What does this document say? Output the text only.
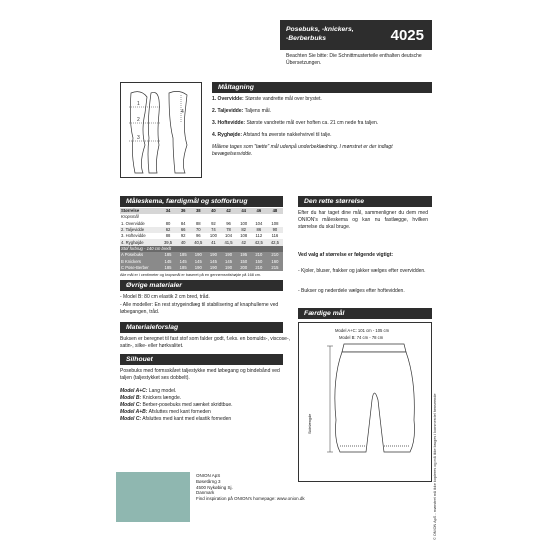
Posebuks, -knickers,
-Berberbuks	4025
Beachten Sie bitte: Die Schnittmusterteile enthalten deutsche Übersetzungen.
1
2
3
4
Måltagning
1. Overvidde: Største vandrette mål over brystet.
2. Taljevidde: Taljens mål.
3. Hoftevidde: Største vandrette mål over hoften ca. 21 cm nede fra taljen.
4. Ryghøjde: Afstand fra øverste nakkehvirvel til talje.
Målene tages som "tætte" mål udenpå underbeklædning. I mønstret er der indlagt bevægelsesvidde.
Måleskema, færdigmål og stofforbrug
Størrelse	34	36	38	40	42	44	46	48
Kropsmål								
1. Overvidde	80	84	88	92	96	100	104	108
2. Taljevidde	62	66	70	74	78	82	86	90
3. Hoftevidde	88	92	96	100	104	108	112	116
4. Ryghøjde	39,5	40	40,5	41	41,5	42	42,5	42,5
Stof forbrug - 140 cm bredt								
A Posebuks	185	185	190	190	190	195	210	210
B Knickers	145	145	145	145	145	150	150	160
C Pose-Berber	185	185	190	190	190	200	210	215
Alle mål er i centimeter og kropsmål er baseret på en gennemsnitshøjde på 168 cm.
Den rette størrelse
Efter du har taget dine mål, sammenligner du dem med ONION's måleskema og kan nu fastlægge, hvilken størrelse du skal bruge.
Ved valg af størrelse er følgende vigtigt:
- Kjoler, bluser, frakker og jakker vælges efter overvidden.
- Bukser og nederdele vælges efter hoftevidden.
Øvrige materialer
- Model B: 80 cm elastik 2 cm bred, tråd.
- Alle modeller: En rest strygeindlæg til stabilisering af knaphullerne ved løbegangen, tråd.
Materialeforslag
Buksen er beregnet til fast stof som falder godt, f.eks. en bomulds-, viscose-, satin-, silke- eller hørkvalitet.
Silhouet
Posebuks med formsskåret taljestykke med løbegang og bindebånd ved taljen (taljestykket ses dobbelt).
Model A+C: Lang model.
Model B: Knickers længde.
Model C: Berber-posebuks med sænket skridtbue.
Model A+B: Afsluttes med kant forneden
Model C: Afsluttes med kant med elastik forneden
Færdige mål
Model A+C: 101 cm - 105 cm
Model B: 74 cm - 78 cm
Sidelængde
ONION ApS
Bøsetårng 3
4500 Nykøbing Sj.
Danmark
Find inspiration på ONION's homepage: www.onion.dk	© ONION ApS - mønstret må ikke kopieres og må ikke bruges i kommerciel henseende
